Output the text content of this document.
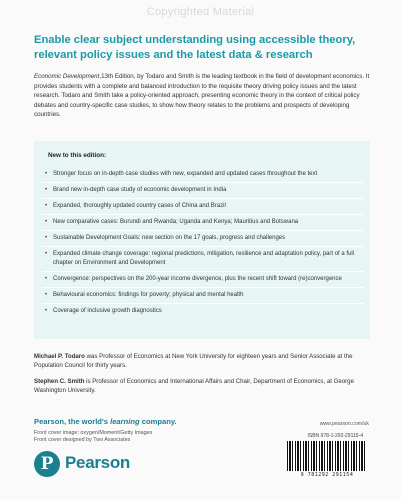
Copyrighted Material
Enable clear subject understanding using accessible theory, relevant policy issues and the latest data & research
Economic Development,13th Edition, by Todaro and Smith is the leading textbook in the field of development economics. It provides students with a complete and balanced introduction to the requisite theory driving policy issues and the latest research. Todaro and Smith take a policy-oriented approach, presenting economic theory in the context of critical policy debates and country-specific case studies, to show how theory relates to the problems and prospects of developing countries.
New to this edition:
• Stronger focus on in-depth case studies with new, expanded and updated cases throughout the text
• Brand new in-depth case study of economic development in India
• Expanded, thoroughly updated country cases of China and Brazil
• New comparative cases: Burundi and Rwanda; Uganda and Kenya; Mauritius and Botswana
• Sustainable Development Goals: new section on the 17 goals, progress and challenges
• Expanded climate change coverage: regional predictions, mitigation, resilience and adaptation policy, part of a full chapter on Environment and Development
• Convergence: perspectives on the 200-year income divergence, plus the recent shift toward (re)convergence
• Behavioural economics: findings for poverty; physical and mental health
• Coverage of inclusive growth diagnostics
Michael P. Todaro was Professor of Economics at New York University for eighteen years and Senior Associate at the Population Council for thirty years.
Stephen C. Smith is Professor of Economics and International Affairs and Chair, Department of Economics, at George Washington University.
Pearson, the world's learning company.
Front cover image: oxygen/Moment/Getty Images
Front cover designed by Two Associates
P Pearson
www.pearson.com/uk
ISBN 978-1-292-29115-4
9 781292 291154
